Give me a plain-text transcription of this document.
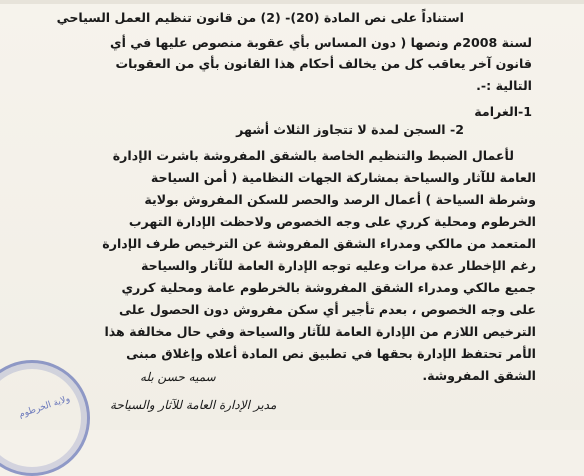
استناداً على نص المادة (20)- (2) من قانون تنظيم العمل السياحي
لسنة 2008م ونصها ( دون المساس بأي عقوبة منصوص عليها في أي
قانون آخر يعاقب كل من يخالف أحكام هذا القانون بأي من العقوبات
التالية :-.
1-الغرامة
2- السجن لمدة لا تتجاوز الثلاث أشهر
لأعمال الضبط والتنظيم الخاصة بالشقق المفروشة باشرت الإدارة
العامة للآثار والسياحة بمشاركة الجهات النظامية ( أمن السياحة
وشرطة السياحة ) أعمال الرصد والحصر للسكن المفروش بولاية
الخرطوم ومحلية كرري على وجه الخصوص ولاحظت الإدارة التهرب
المتعمد من مالكي ومدراء الشقق المفروشة عن الترخيص طرف الإدارة
رغم الإخطار عدة مرات وعليه توجه الإدارة العامة للآثار والسياحة
جميع مالكي ومدراء الشقق المفروشة بالخرطوم عامة ومحلية كرري
على وجه الخصوص ، بعدم تأجير أي سكن مفروش دون الحصول على
الترخيص اللازم من الإدارة العامة للآثار والسياحة وفي حال مخالفة هذا
الأمر تحتفظ الإدارة بحقها في تطبيق نص المادة أعلاه وإغلاق مبنى
الشقق المفروشة.
سميه حسن بله
مدير الإدارة العامة للآثار والسياحة
ولاية الخرطوم
